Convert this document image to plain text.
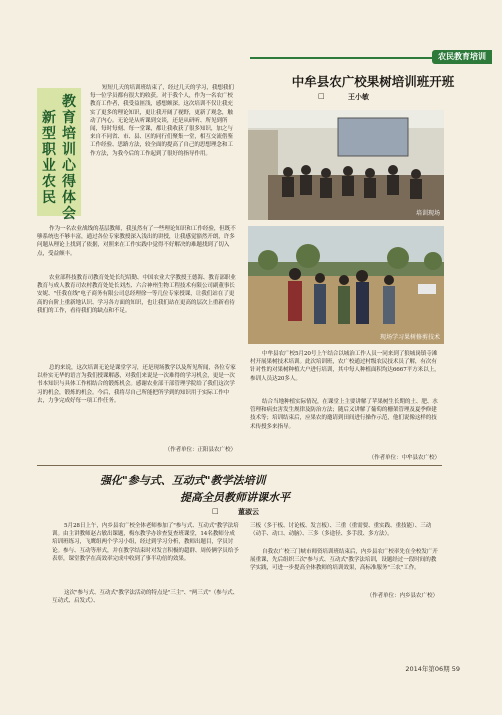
农民教育培训
教育培训心得体会
新型职业农民
短短几天的培训班结束了，经过几天的学习，我想我们每一位学员都有很大的收获。对于我个人，作为一名农广校教育工作者，我受益匪浅，感想颇深。这次培训不仅让我充实了更多的理论知识，更让我开阔了视野，更新了观念，触动了内心。无论是从听课到交谈，还是从研听、所见到所闻，每时每刻、每一堂课，都让我收获了很多知识，加之与来自不同省、市、县、区的同行们聚集一堂，相互交流借鉴工作经验、思路方法，较全面的提高了自己的思想理念和工作方法，为我今后的工作起到了很好的指导作用。
作为一名农业战线的基层教师，我虽然有了一些理论知识和工作经验，但既不够系统也不够丰富，通过各位专家教授深入浅出的讲授，让我感觉豁然开朗，许多问题从理论上找到了依据，对照来在工作实践中觉得不好解决的难题找到了切入点，受益颇丰。
农业部科技教育司教育处处长纪绍勤、中国农业大学教授王德海、教育部职业教育与成人教育司农村教育处处长刘杰、六合神州生物工程技术有限公司副董事长安妮、"任我在线"电子商务有限公司总经理徐一等几位专家授课，让我们站在了更高的台阶上重新地认识、学习各方面的知识，也让我们站在更高的层次上重新看待我们的工作，看待我们的缺点和不足。
总的来说，这次培训无论是课堂学习，还是现场教学以及所见所闻，各位专家以朴实无华的语言为我们授课解惑，对我们来说是一次难得的学习机会，更是一次书本知识与具体工作相结合的锻炼机会。感谢农业部干部管理学院给了我们这次学习的机会，锻炼的机会。今后，我将尽自己所能把所学到的知识用于实际工作中去，力争完成好每一项工作任务。
（作者单位：正阳县农广校）
中牟县农广校果树培训班开班
□	王小敏
培训现场
现场学习果树修剪技术
中牟县农广校5月20号上午结合以城治工作人员一同来到了狼城岗镇寺滩村开展果树技术培训。此次培训班，农广校通过村级农民技术员了解，有次有针对性的对果树种植大户进行培训，其中每人种植面积均达6667平方米以上，参训人员达20多人。
结合当地种植实际情况，在课堂上主要讲解了苹果树生长期的土、肥、水管理和病虫害发生规律及防治方法；随后又讲解了葡萄的栅架管理及夏季修建技术等；培训结束后，应果农的邀请到田间进行操作示范，他们说像这样的技术传授多来指导。
（作者单位：中牟县农广校）
强化"参与式、互动式"教学法培训
提高全员教师讲课水平
□	董淑云
5月28日上午，内乡县农广校全体老师参加了"参与式、互动式"教学法培训。由主讲教师赵占敏出课题，梅东教学办诊查复查班课堂，14名教师分成培训班练习，飞鹰组两个学习小组，经过到学习分析，教师出题目，学员讨论。参与、互动等形式，并在教学结束时对发言积极的超群、周传俩学员给予表彰，课堂教学在高效率完成中收到了事半功倍的效果。
这次"参与式、互动式"教学法活动的特点是"三主"、"两三式"（参与式、互动式、启发式）、
三板（多于板、讨论板、发言板）、三重（重需要、重实践、重技能）、三动（动手、动口、动脑）、三多（多途径、多手段、多方法）。
自我农广校三门峡市师资培训班结束后，内乡县农广校率先在全校发广开展重课，先后组织三次"参与式、互动式"教学法培训，设题经过一段时间的教学实践，可进一步提高全体教师的培训效果，高标准服务"三农"工作。
（作者单位：内乡县农广校）
2014年第06期 59
